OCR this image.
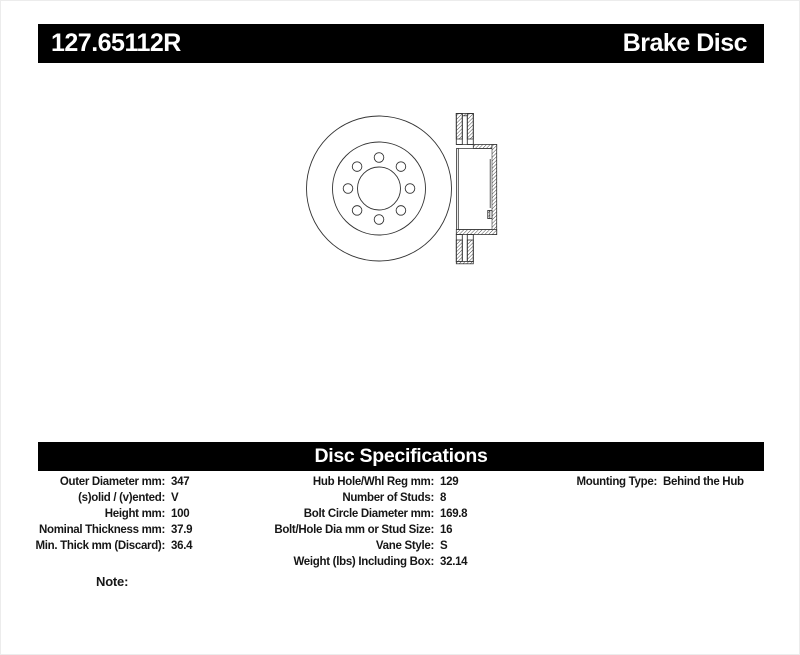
127.65112R	Brake Disc
Disc Specifications
Outer Diameter mm: 347
(s)olid / (v)ented: V
Height mm: 100
Nominal Thickness mm: 37.9
Min. Thick mm (Discard): 36.4
Hub Hole/Whl Reg mm: 129
Number of Studs: 8
Bolt Circle Diameter mm: 169.8
Bolt/Hole Dia mm or Stud Size: 16
Vane Style: S
Weight (lbs) Including Box: 32.14
Mounting Type: Behind the Hub
Note:
